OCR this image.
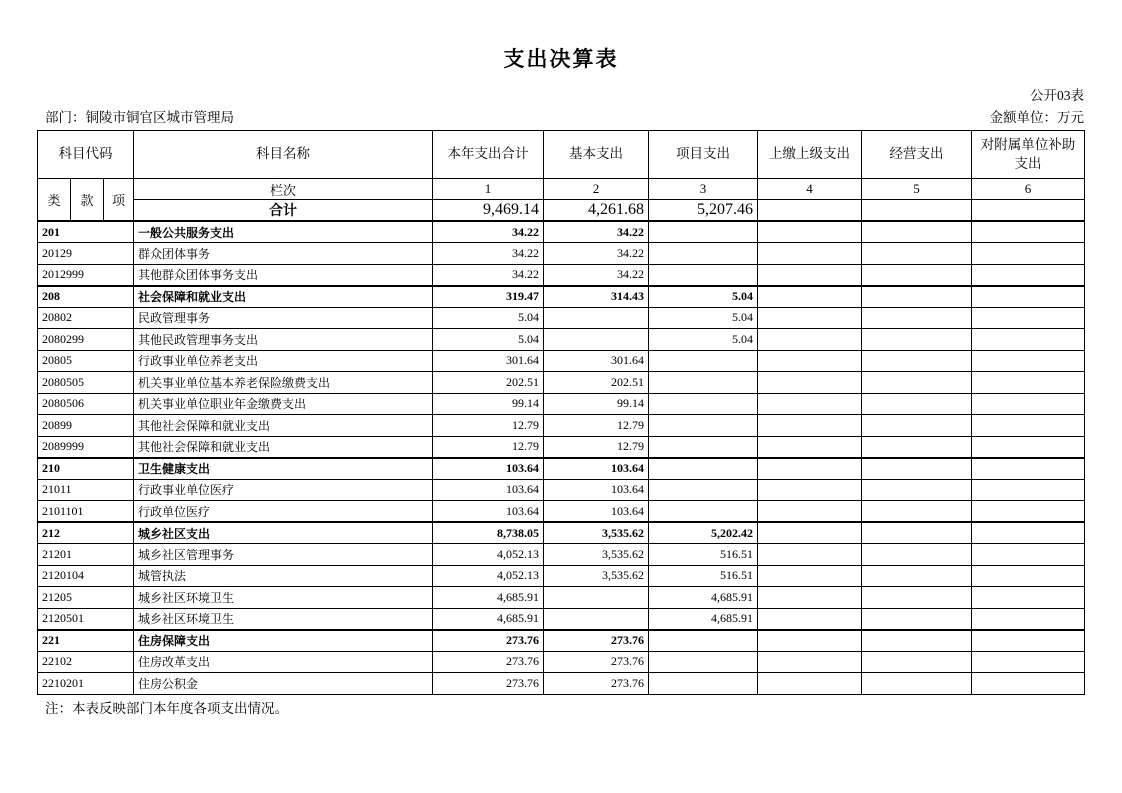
支出决算表
公开03表
部门：铜陵市铜官区城市管理局	金额单位：万元
科目代码			科目名称	本年支出合计	基本支出	项目支出	上缴上级支出	经营支出	对附属单位补助支出
类	款	项	栏次	1	2	3	4	5	6
			合计	9,469.14	4,261.68	5,207.46			
201			一般公共服务支出	34.22	34.22				
20129			群众团体事务	34.22	34.22				
2012999			其他群众团体事务支出	34.22	34.22				
208			社会保障和就业支出	319.47	314.43	5.04			
20802			民政管理事务	5.04		5.04			
2080299			其他民政管理事务支出	5.04		5.04			
20805			行政事业单位养老支出	301.64	301.64				
2080505			机关事业单位基本养老保险缴费支出	202.51	202.51				
2080506			机关事业单位职业年金缴费支出	99.14	99.14				
20899			其他社会保障和就业支出	12.79	12.79				
2089999			其他社会保障和就业支出	12.79	12.79				
210			卫生健康支出	103.64	103.64				
21011			行政事业单位医疗	103.64	103.64				
2101101			行政单位医疗	103.64	103.64				
212			城乡社区支出	8,738.05	3,535.62	5,202.42			
21201			城乡社区管理事务	4,052.13	3,535.62	516.51			
2120104			城管执法	4,052.13	3,535.62	516.51			
21205			城乡社区环境卫生	4,685.91		4,685.91			
2120501			城乡社区环境卫生	4,685.91		4,685.91			
221			住房保障支出	273.76	273.76				
22102			住房改革支出	273.76	273.76				
2210201			住房公积金	273.76	273.76				
注：本表反映部门本年度各项支出情况。
